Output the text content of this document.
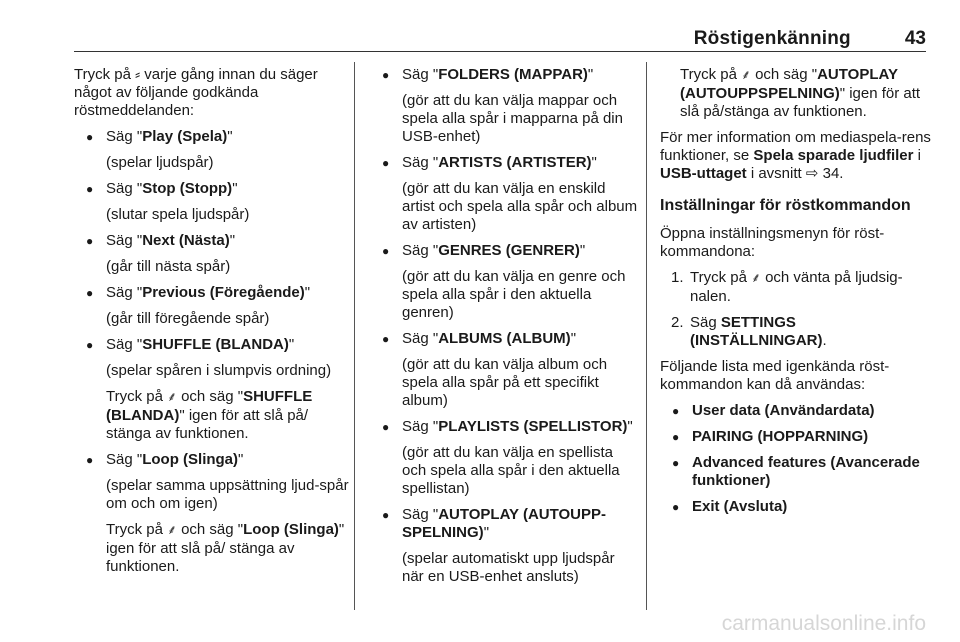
Röstigenkänning	43

Tryck på ⸗ varje gång innan du säger något av följande godkända röstmeddelanden:

● Säg "Play (Spela)"

(spelar ljudspår)

● Säg "Stop (Stopp)"

(slutar spela ljudspår)

● Säg "Next (Nästa)"

(går till nästa spår)

● Säg "Previous (Föregående)"

(går till föregående spår)

● Säg "SHUFFLE (BLANDA)"

(spelar spåren i slumpvis ordning)

Tryck på ⸙ och säg "SHUFFLE (BLANDA)" igen för att slå på/ stänga av funktionen.

● Säg "Loop (Slinga)"

(spelar samma uppsättning ljud-spår om och om igen)

Tryck på ⸙ och säg "Loop (Slinga)" igen för att slå på/ stänga av funktionen.

● Säg "FOLDERS (MAPPAR)"

(gör att du kan välja mappar och spela alla spår i mapparna på din USB-enhet)

● Säg "ARTISTS (ARTISTER)"

(gör att du kan välja en enskild artist och spela alla spår och album av artisten)

● Säg "GENRES (GENRER)"

(gör att du kan välja en genre och spela alla spår i den aktuella genren)

● Säg "ALBUMS (ALBUM)"

(gör att du kan välja album och spela alla spår på ett specifikt album)

● Säg "PLAYLISTS (SPELLISTOR)"

(gör att du kan välja en spellista och spela alla spår i den aktuella spellistan)

● Säg "AUTOPLAY (AUTOUPP-SPELNING)"

(spelar automatiskt upp ljudspår när en USB-enhet ansluts)

Tryck på ⸙ och säg "AUTOPLAY (AUTOUPPSPELNING)" igen för att slå på/stänga av funktionen.

För mer information om mediaspela-rens funktioner, se Spela sparade ljudfiler i USB-uttaget i avsnitt ⇨ 34.

Inställningar för röstkommandon

Öppna inställningsmenyn för röst-kommandona:

1. Tryck på ⸙ och vänta på ljudsig-nalen.

2. Säg SETTINGS (INSTÄLLNINGAR).

Följande lista med igenkända röst-kommandon kan då användas:

● User data (Användardata)

● PAIRING (HOPPARNING)

● Advanced features (Avancerade funktioner)

● Exit (Avsluta)

carmanualsonline.info
